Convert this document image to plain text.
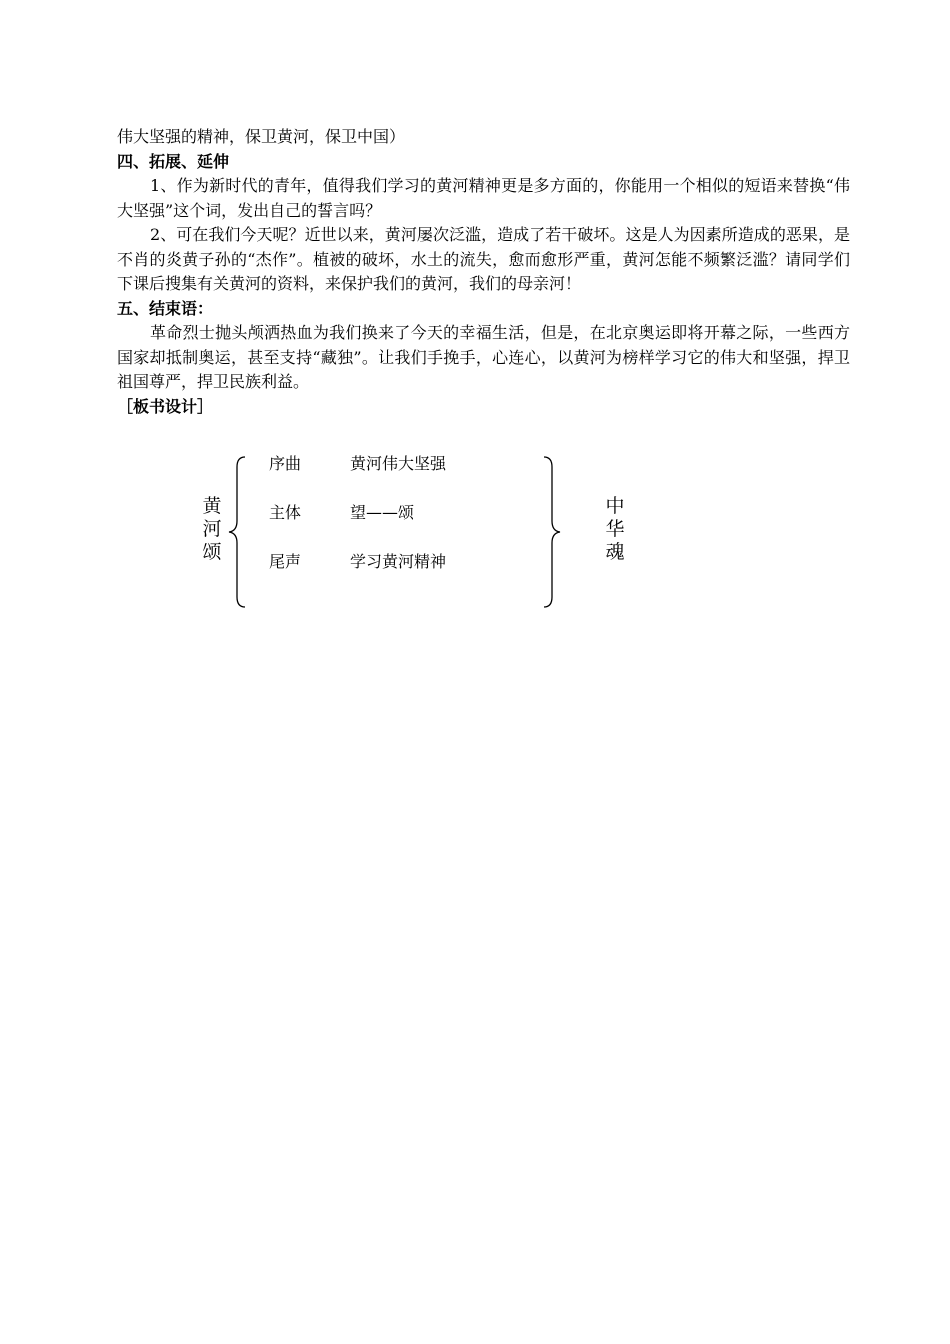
伟大坚强的精神，保卫黄河，保卫中国）

四、拓展、延伸

1、作为新时代的青年，值得我们学习的黄河精神更是多方面的，你能用一个相似的短语来替换“伟大坚强”这个词，发出自己的誓言吗？

2、可在我们今天呢？近世以来，黄河屡次泛滥，造成了若干破坏。这是人为因素所造成的恶果，是不肖的炎黄子孙的“杰作”。植被的破坏，水土的流失，愈而愈形严重，黄河怎能不频繁泛滥？请同学们下课后搜集有关黄河的资料，来保护我们的黄河，我们的母亲河！

五、结束语：

革命烈士抛头颅洒热血为我们换来了今天的幸福生活，但是，在北京奥运即将开幕之际，一些西方国家却抵制奥运，甚至支持“藏独”。让我们手挽手，心连心，以黄河为榜样学习它的伟大和坚强，捍卫祖国尊严，捍卫民族利益。

［板书设计］

黄
河
颂
序曲	黄河伟大坚强
主体	望——颂
尾声	学习黄河精神
中
华
魂
